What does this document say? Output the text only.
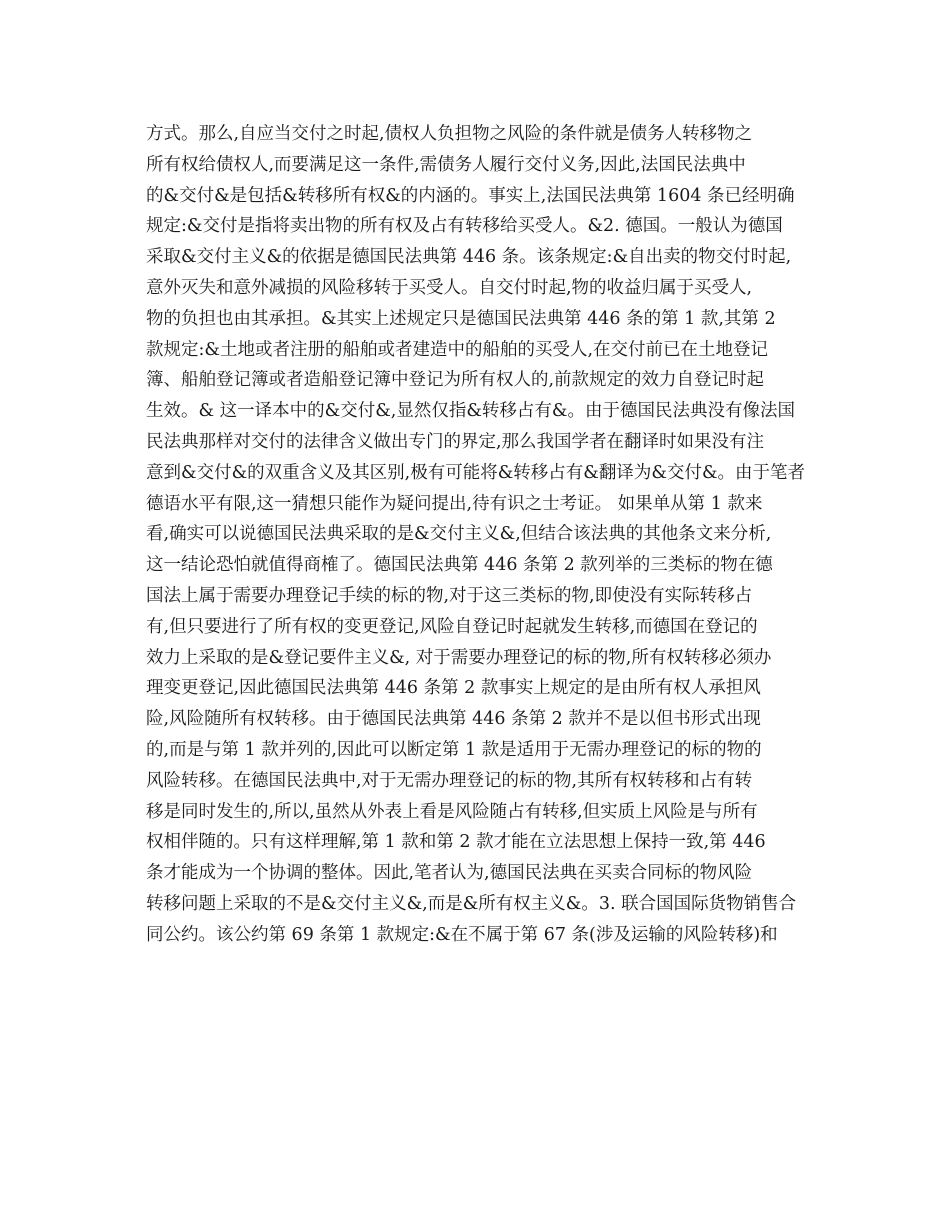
方式。那么,自应当交付之时起,债权人负担物之风险的条件就是债务人转移物之
所有权给债权人,而要满足这一条件,需债务人履行交付义务,因此,法国民法典中
的&交付&是包括&转移所有权&的内涵的。事实上,法国民法典第 1604 条已经明确
规定:&交付是指将卖出物的所有权及占有转移给买受人。&2. 德国。一般认为德国
采取&交付主义&的依据是德国民法典第 446 条。该条规定:&自出卖的物交付时起,
意外灭失和意外减损的风险移转于买受人。自交付时起,物的收益归属于买受人,
物的负担也由其承担。&其实上述规定只是德国民法典第 446 条的第 1 款,其第 2
款规定:&土地或者注册的船舶或者建造中的船舶的买受人,在交付前已在土地登记
簿、船舶登记簿或者造船登记簿中登记为所有权人的,前款规定的效力自登记时起
生效。& 这一译本中的&交付&,显然仅指&转移占有&。由于德国民法典没有像法国
民法典那样对交付的法律含义做出专门的界定,那么我国学者在翻译时如果没有注
意到&交付&的双重含义及其区别,极有可能将&转移占有&翻译为&交付&。由于笔者
德语水平有限,这一猜想只能作为疑问提出,待有识之士考证。 如果单从第 1 款来
看,确实可以说德国民法典采取的是&交付主义&,但结合该法典的其他条文来分析,
这一结论恐怕就值得商榷了。德国民法典第 446 条第 2 款列举的三类标的物在德
国法上属于需要办理登记手续的标的物,对于这三类标的物,即使没有实际转移占
有,但只要进行了所有权的变更登记,风险自登记时起就发生转移,而德国在登记的
效力上采取的是&登记要件主义&, 对于需要办理登记的标的物,所有权转移必须办
理变更登记,因此德国民法典第 446 条第 2 款事实上规定的是由所有权人承担风
险,风险随所有权转移。由于德国民法典第 446 条第 2 款并不是以但书形式出现
的,而是与第 1 款并列的,因此可以断定第 1 款是适用于无需办理登记的标的物的
风险转移。在德国民法典中,对于无需办理登记的标的物,其所有权转移和占有转
移是同时发生的,所以,虽然从外表上看是风险随占有转移,但实质上风险是与所有
权相伴随的。只有这样理解,第 1 款和第 2 款才能在立法思想上保持一致,第 446
条才能成为一个协调的整体。因此,笔者认为,德国民法典在买卖合同标的物风险
转移问题上采取的不是&交付主义&,而是&所有权主义&。3. 联合国国际货物销售合
同公约。该公约第 69 条第 1 款规定:&在不属于第 67 条(涉及运输的风险转移)和
